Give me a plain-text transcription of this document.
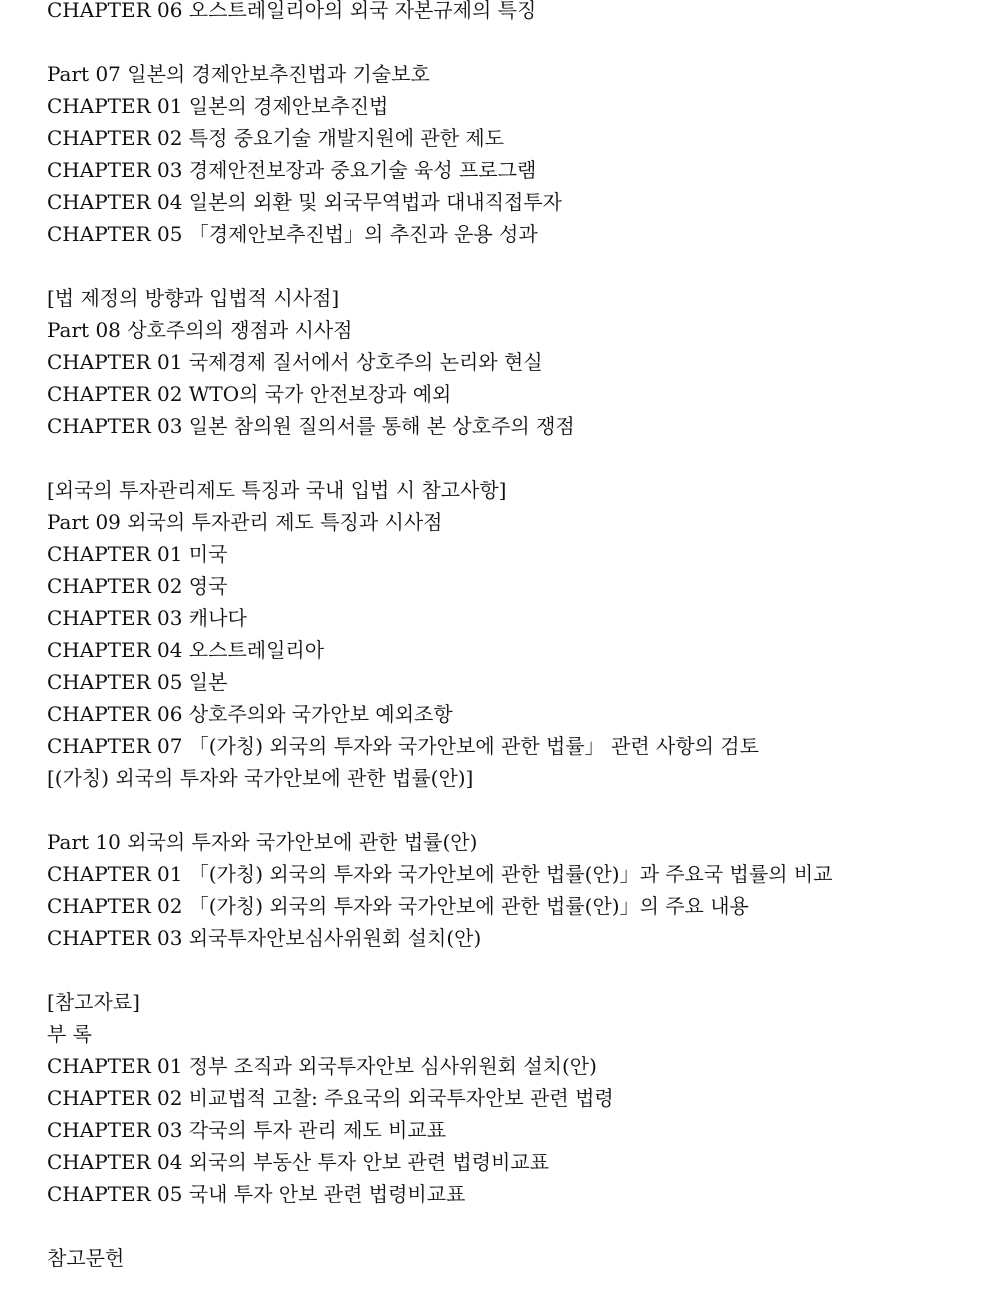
CHAPTER 06 오스트레일리아의 외국 자본규제의 특징
Part 07 일본의 경제안보추진법과 기술보호
CHAPTER 01 일본의 경제안보추진법
CHAPTER 02 특정 중요기술 개발지원에 관한 제도
CHAPTER 03 경제안전보장과 중요기술 육성 프로그램
CHAPTER 04 일본의 외환 및 외국무역법과 대내직접투자
CHAPTER 05 「경제안보추진법」의 추진과 운용 성과
[법 제정의 방향과 입법적 시사점]
Part 08 상호주의의 쟁점과 시사점
CHAPTER 01 국제경제 질서에서 상호주의 논리와 현실
CHAPTER 02 WTO의 국가 안전보장과 예외
CHAPTER 03 일본 참의원 질의서를 통해 본 상호주의 쟁점
[외국의 투자관리제도 특징과 국내 입법 시 참고사항]
Part 09 외국의 투자관리 제도 특징과 시사점
CHAPTER 01 미국
CHAPTER 02 영국
CHAPTER 03 캐나다
CHAPTER 04 오스트레일리아
CHAPTER 05 일본
CHAPTER 06 상호주의와 국가안보 예외조항
CHAPTER 07 「(가칭) 외국의 투자와 국가안보에 관한 법률」 관련 사항의 검토
[(가칭) 외국의 투자와 국가안보에 관한 법률(안)]
Part 10 외국의 투자와 국가안보에 관한 법률(안)
CHAPTER 01 「(가칭) 외국의 투자와 국가안보에 관한 법률(안)」과 주요국 법률의 비교
CHAPTER 02 「(가칭) 외국의 투자와 국가안보에 관한 법률(안)」의 주요 내용
CHAPTER 03 외국투자안보심사위원회 설치(안)
[참고자료]
부 록
CHAPTER 01 정부 조직과 외국투자안보 심사위원회 설치(안)
CHAPTER 02 비교법적 고찰: 주요국의 외국투자안보 관련 법령
CHAPTER 03 각국의 투자 관리 제도 비교표
CHAPTER 04 외국의 부동산 투자 안보 관련 법령비교표
CHAPTER 05 국내 투자 안보 관련 법령비교표
참고문헌
